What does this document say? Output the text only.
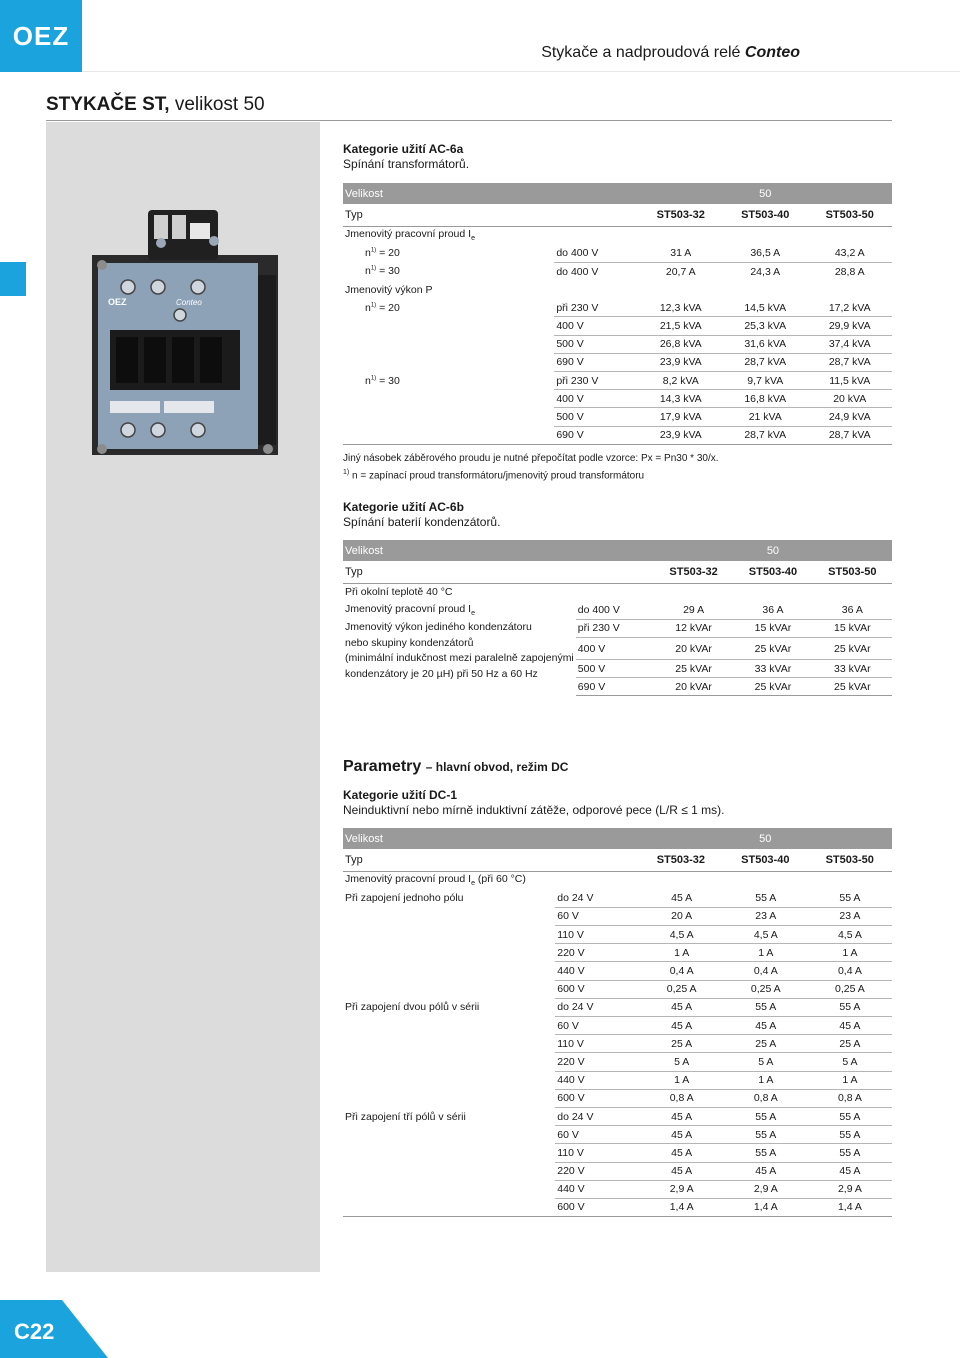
OEZ
Stykače a nadproudová relé Conteo
STYKAČE ST, velikost 50
OEZ	Conteo
Kategorie užití AC-6a
Spínání transformátorů.
Velikost			50	
Typ		ST503-32	ST503-40	ST503-50
Jmenovitý pracovní proud $I_e$				
$n^{1)} = 20$	do 400 V	31 A	36,5 A	43,2 A
$n^{1)} = 30$	do 400 V	20,7 A	24,3 A	28,8 A
Jmenovitý výkon P				
$n^{1)} = 20$	při 230 V	12,3 kVA	14,5 kVA	17,2 kVA
	400 V	21,5 kVA	25,3 kVA	29,9 kVA
	500 V	26,8 kVA	31,6 kVA	37,4 kVA
	690 V	23,9 kVA	28,7 kVA	28,7 kVA
$n^{1)} = 30$	při 230 V	8,2 kVA	9,7 kVA	11,5 kVA
	400 V	14,3 kVA	16,8 kVA	20 kVA
	500 V	17,9 kVA	21 kVA	24,9 kVA
	690 V	23,9 kVA	28,7 kVA	28,7 kVA
Jiný násobek záběrového proudu je nutné přepočítat podle vzorce: Px = Pn30 * 30/x.
$^{1)}$ n = zapínací proud transformátoru/jmenovitý proud transformátoru
Kategorie užití AC-6b
Spínání baterií kondenzátorů.
Velikost			50	
Typ		ST503-32	ST503-40	ST503-50
Při okolní teplotě 40 °C				
Jmenovitý pracovní proud $I_e$	do 400 V	29 A	36 A	36 A

Jmenovitý výkon jediného kondenzátoru
nebo skupiny kondenzátorů
(minimální indukčnost mezi paralelně zapojenými
kondenzátory je 20 µH) při 50 Hz a 60 Hz	při 230 V	12 kVAr	15 kVAr	15 kVAr
	400 V	20 kVAr	25 kVAr	25 kVAr
	500 V	25 kVAr	33 kVAr	33 kVAr
	690 V	20 kVAr	25 kVAr	25 kVAr
Parametry – hlavní obvod, režim DC
Kategorie užití DC-1
Neinduktivní nebo mírně induktivní zátěže, odporové pece (L/R ≤ 1 ms).
Velikost			50	
Typ		ST503-32	ST503-40	ST503-50
Jmenovitý pracovní proud $I_e$ (při 60 °C)				
Při zapojení jednoho pólu	do 24 V	45 A	55 A	55 A
	60 V	20 A	23 A	23 A
	110 V	4,5 A	4,5 A	4,5 A
	220 V	1 A	1 A	1 A
	440 V	0,4 A	0,4 A	0,4 A
	600 V	0,25 A	0,25 A	0,25 A
Při zapojení dvou pólů v sérii	do 24 V	45 A	55 A	55 A
	60 V	45 A	45 A	45 A
	110 V	25 A	25 A	25 A
	220 V	5 A	5 A	5 A
	440 V	1 A	1 A	1 A
	600 V	0,8 A	0,8 A	0,8 A
Při zapojení tří pólů v sérii	do 24 V	45 A	55 A	55 A
	60 V	45 A	55 A	55 A
	110 V	45 A	55 A	55 A
	220 V	45 A	45 A	45 A
	440 V	2,9 A	2,9 A	2,9 A
	600 V	1,4 A	1,4 A	1,4 A
C22
